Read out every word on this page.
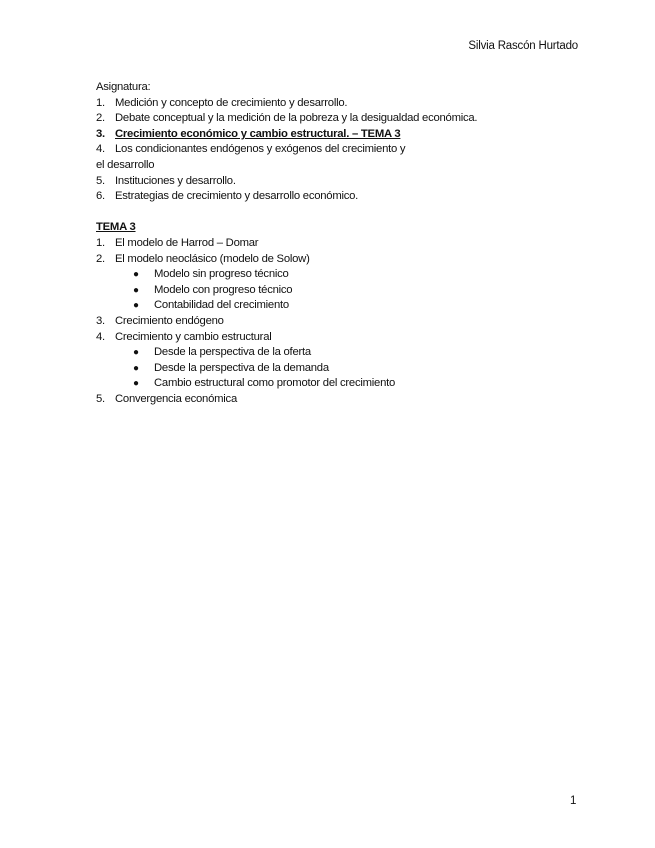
Silvia Rascón Hurtado
Asignatura:
1. Medición y concepto de crecimiento y desarrollo.
2. Debate conceptual y la medición de la pobreza y la desigualdad económica.
3. Crecimiento económico y cambio estructural. – TEMA 3
4. Los condicionantes endógenos y exógenos del crecimiento y
el desarrollo
5. Instituciones y desarrollo.
6. Estrategias de crecimiento y desarrollo económico.
TEMA 3
1. El modelo de Harrod – Domar
2. El modelo neoclásico (modelo de Solow)
● Modelo sin progreso técnico
● Modelo con progreso técnico
● Contabilidad del crecimiento
3. Crecimiento endógeno
4. Crecimiento y cambio estructural
● Desde la perspectiva de la oferta
● Desde la perspectiva de la demanda
● Cambio estructural como promotor del crecimiento
5. Convergencia económica
1
